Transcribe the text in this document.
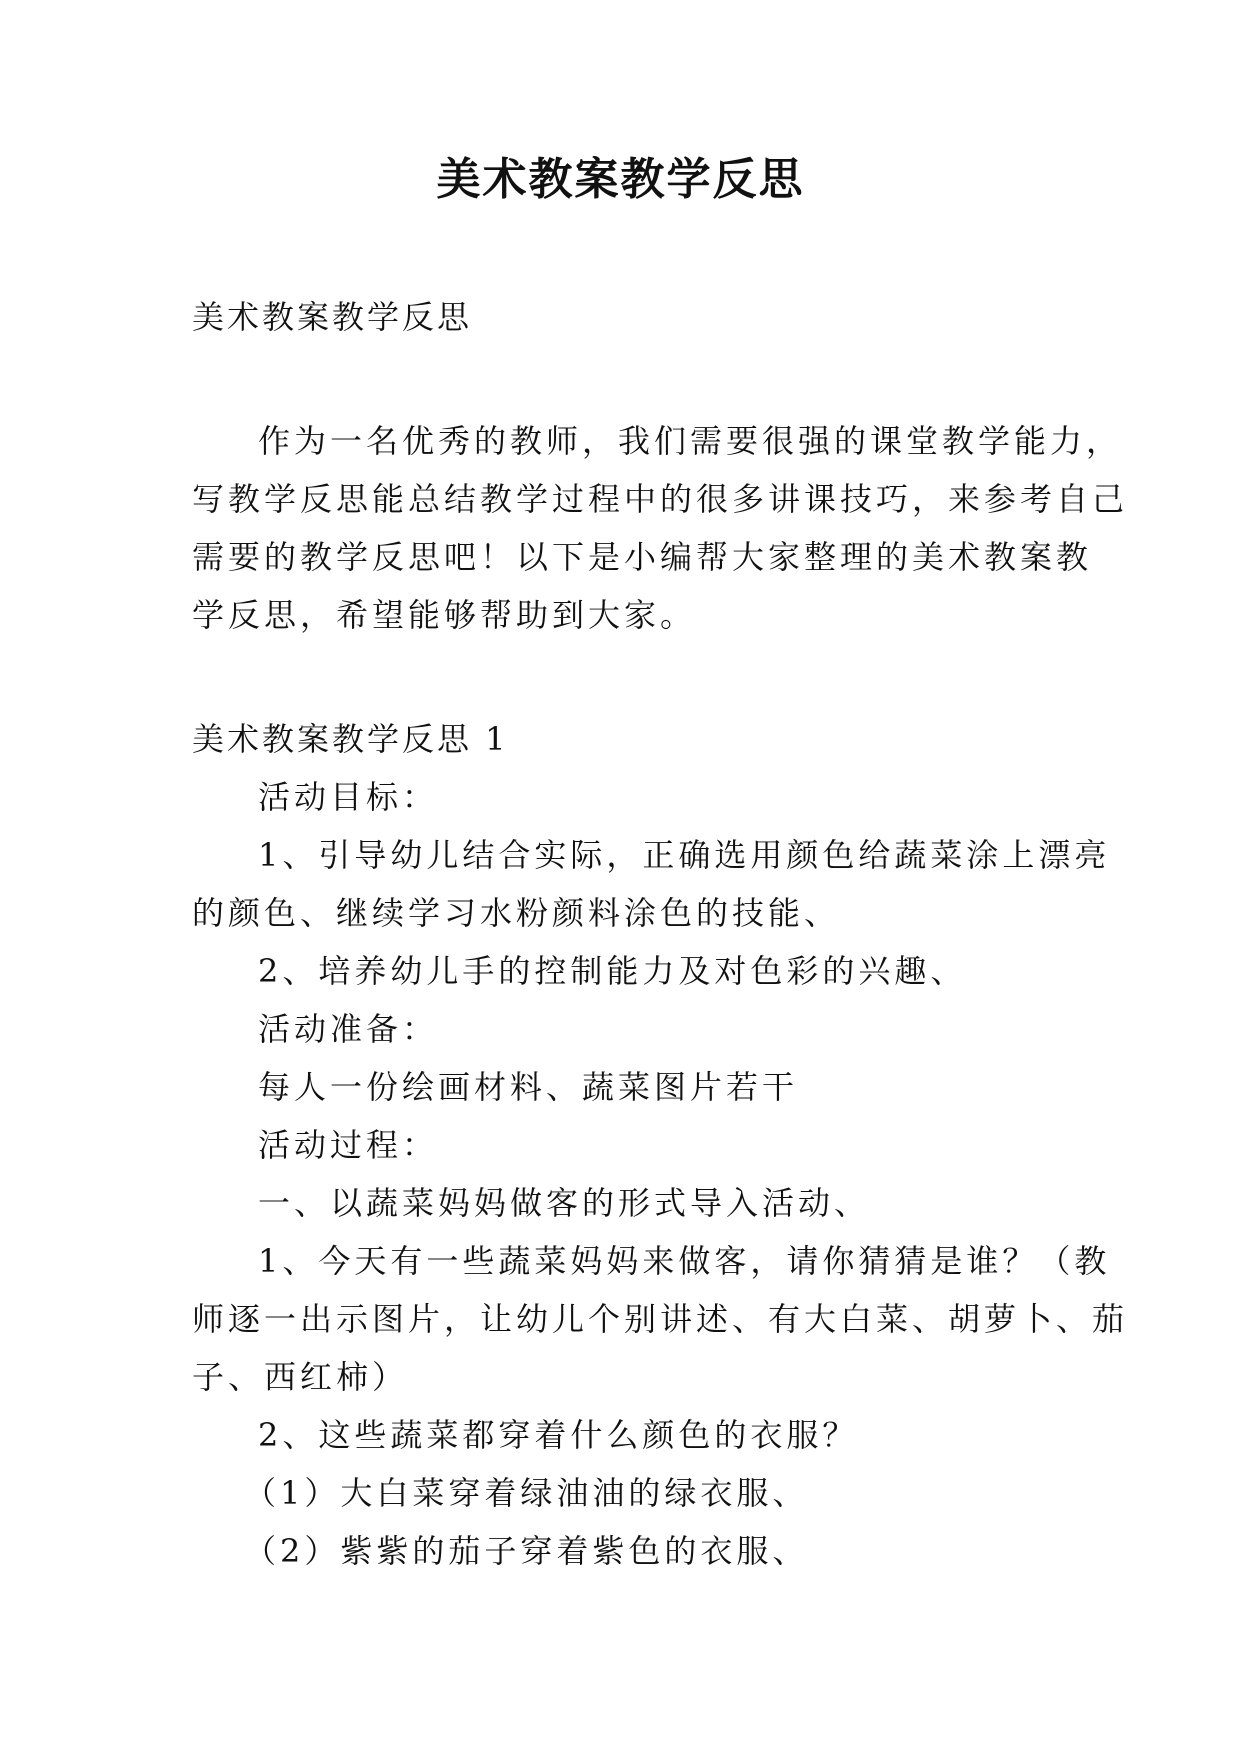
美术教案教学反思
美术教案教学反思
作为一名优秀的教师，我们需要很强的课堂教学能力，
写教学反思能总结教学过程中的很多讲课技巧，来参考自己
需要的教学反思吧！以下是小编帮大家整理的美术教案教
学反思，希望能够帮助到大家。
美术教案教学反思 1
活动目标：
1、引导幼儿结合实际，正确选用颜色给蔬菜涂上漂亮
的颜色、继续学习水粉颜料涂色的技能、
2、培养幼儿手的控制能力及对色彩的兴趣、
活动准备：
每人一份绘画材料、蔬菜图片若干
活动过程：
一、以蔬菜妈妈做客的形式导入活动、
1、今天有一些蔬菜妈妈来做客，请你猜猜是谁？（教
师逐一出示图片，让幼儿个别讲述、有大白菜、胡萝卜、茄
子、西红柿）
2、这些蔬菜都穿着什么颜色的衣服？
（1）大白菜穿着绿油油的绿衣服、
（2）紫紫的茄子穿着紫色的衣服、
